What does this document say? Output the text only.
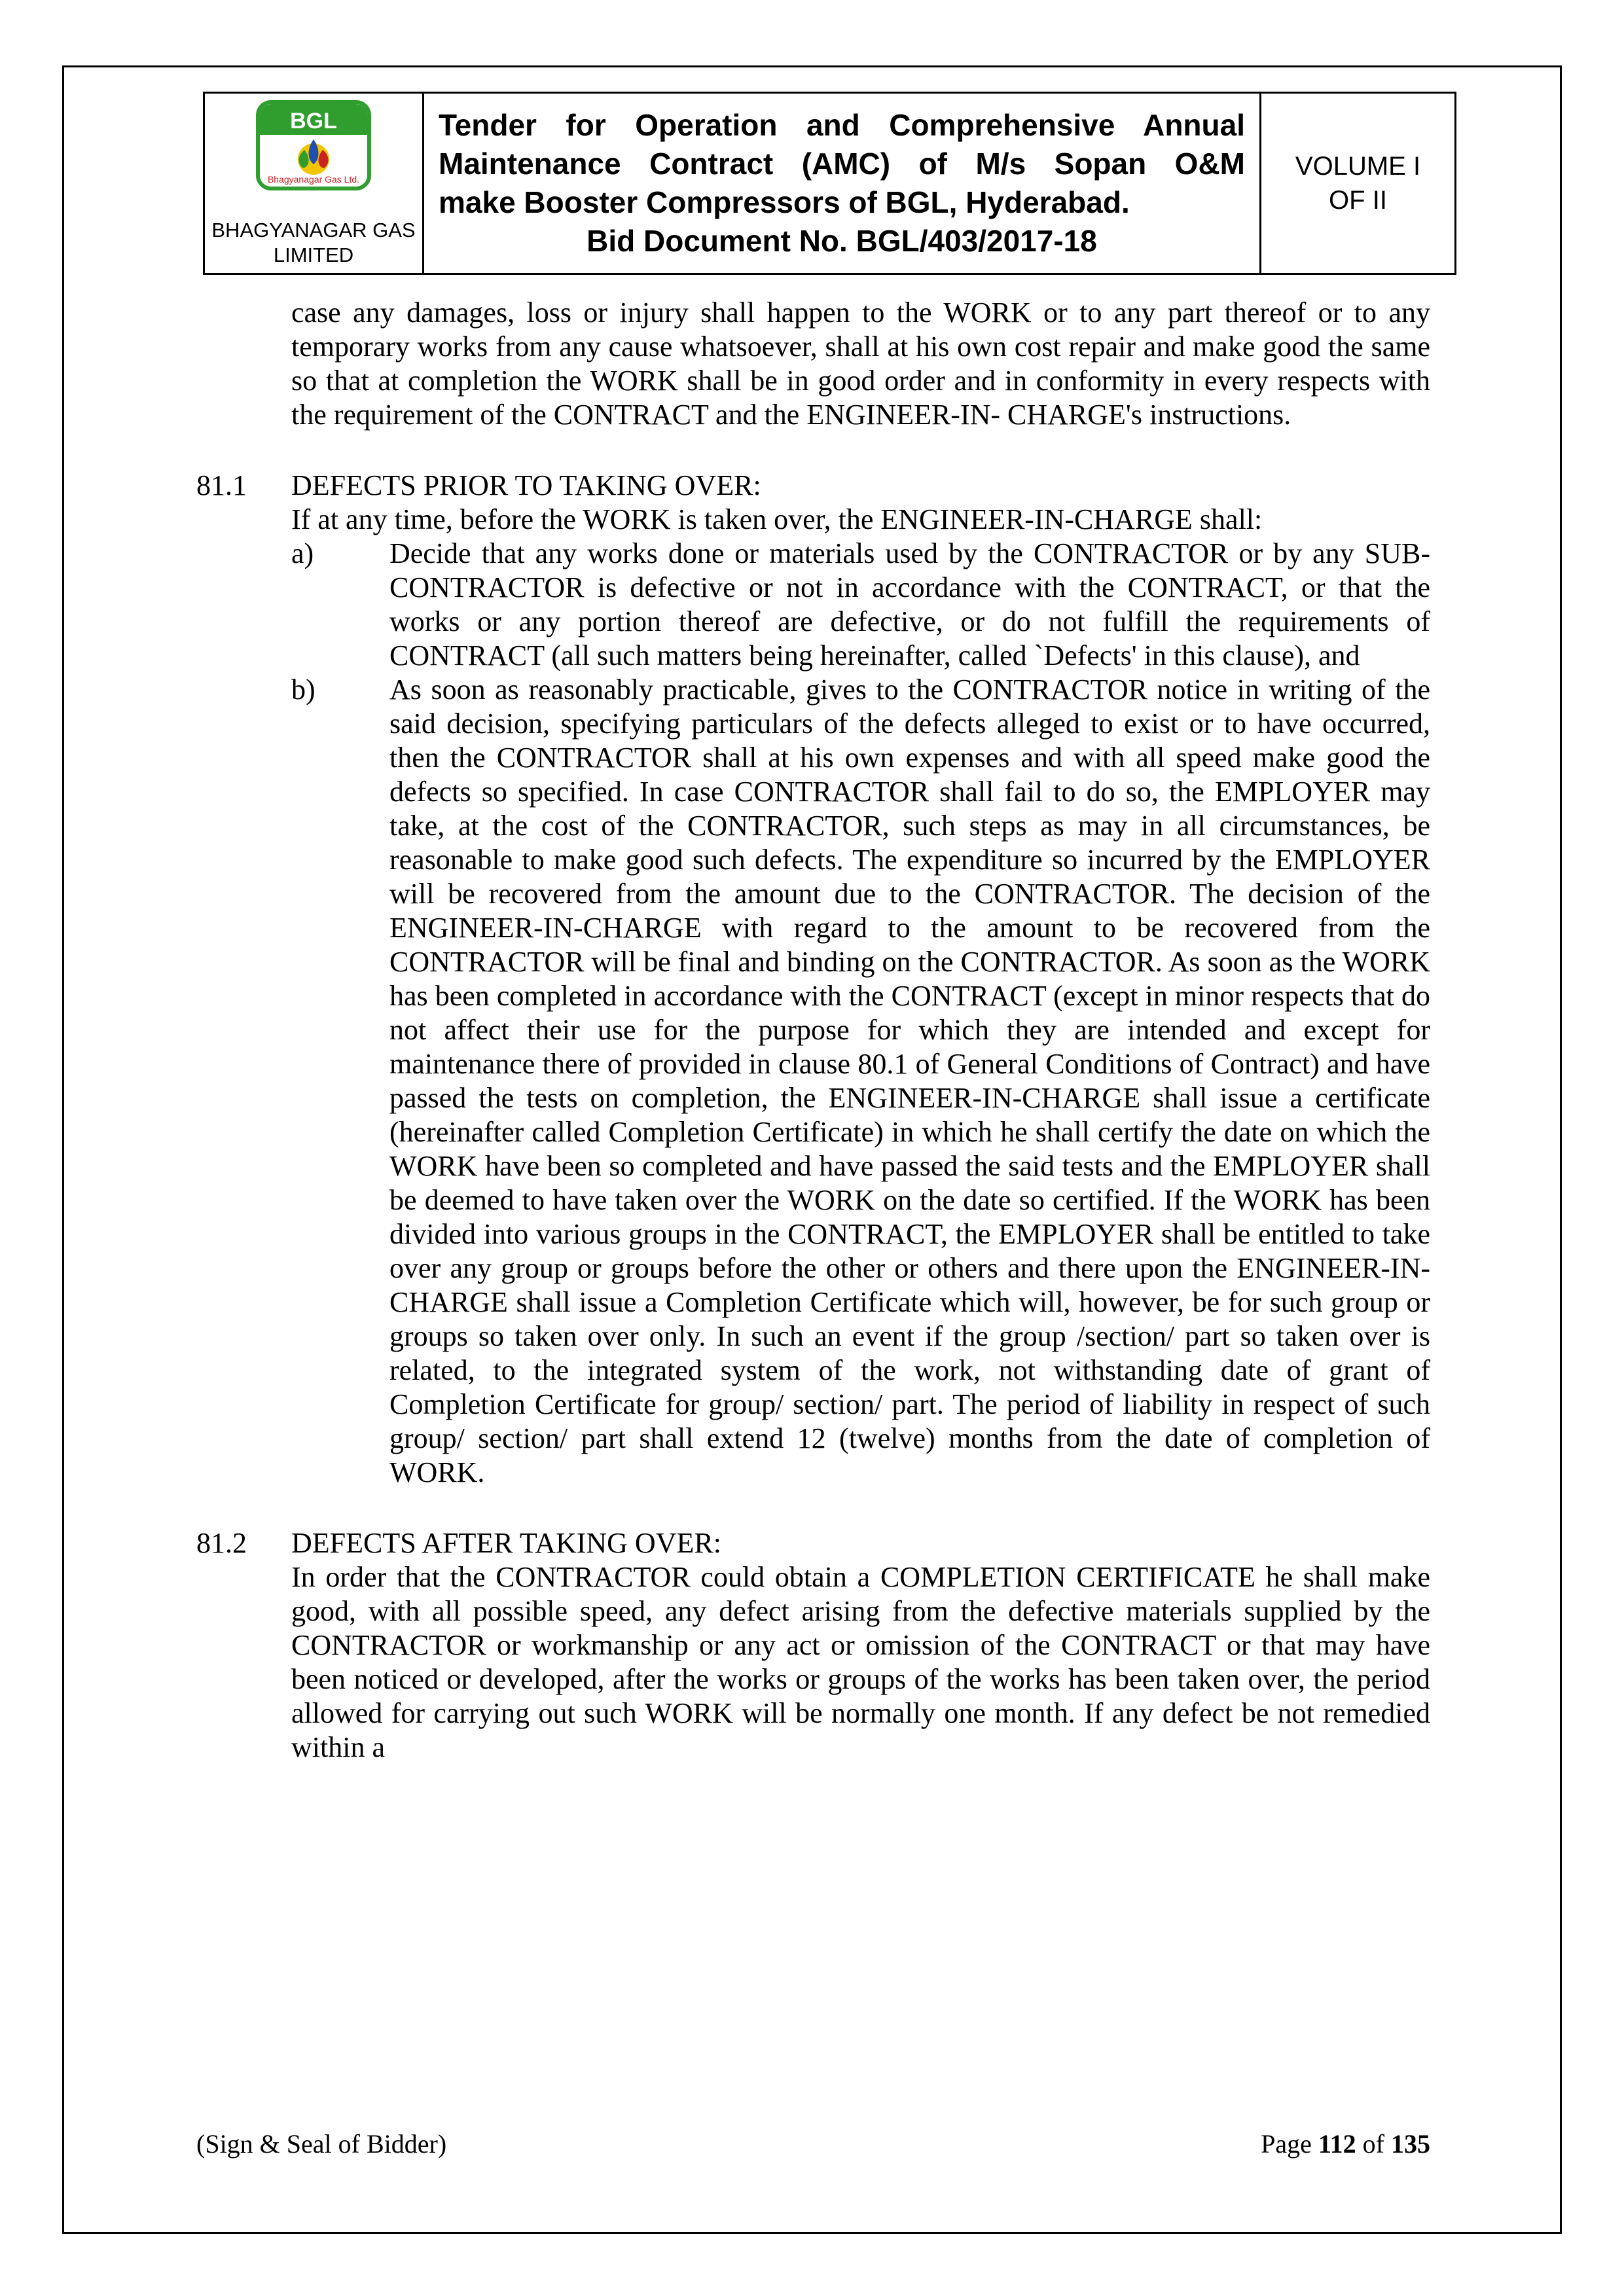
BGL
Bhagyanagar Gas Ltd.
BHAGYANAGAR GAS
LIMITED
Tender for Operation and Comprehensive Annual
Maintenance Contract (AMC) of M/s Sopan O&M
make Booster Compressors of BGL, Hyderabad.
Bid Document No. BGL/403/2017-18
VOLUME I
OF II

case any damages, loss or injury shall happen to the WORK or to any part thereof or to any temporary works from any cause whatsoever, shall at his own cost repair and make good the same so that at completion the WORK shall be in good order and in conformity in every respects with the requirement of the CONTRACT and the ENGINEER-IN- CHARGE's instructions.

81.1	DEFECTS PRIOR TO TAKING OVER:

If at any time, before the WORK is taken over, the ENGINEER-IN-CHARGE shall:

a)	Decide that any works done or materials used by the CONTRACTOR or by any SUB-CONTRACTOR is defective or not in accordance with the CONTRACT, or that the works or any portion thereof are defective, or do not fulfill the requirements of CONTRACT (all such matters being hereinafter, called `Defects' in this clause), and

b)	As soon as reasonably practicable, gives to the CONTRACTOR notice in writing of the said decision, specifying particulars of the defects alleged to exist or to have occurred, then the CONTRACTOR shall at his own expenses and with all speed make good the defects so specified. In case CONTRACTOR shall fail to do so, the EMPLOYER may take, at the cost of the CONTRACTOR, such steps as may in all circumstances, be reasonable to make good such defects. The expenditure so incurred by the EMPLOYER will be recovered from the amount due to the CONTRACTOR. The decision of the ENGINEER-IN-CHARGE with regard to the amount to be recovered from the CONTRACTOR will be final and binding on the CONTRACTOR. As soon as the WORK has been completed in accordance with the CONTRACT (except in minor respects that do not affect their use for the purpose for which they are intended and except for maintenance there of provided in clause 80.1 of General Conditions of Contract) and have passed the tests on completion, the ENGINEER-IN-CHARGE shall issue a certificate (hereinafter called Completion Certificate) in which he shall certify the date on which the WORK have been so completed and have passed the said tests and the EMPLOYER shall be deemed to have taken over the WORK on the date so certified. If the WORK has been divided into various groups in the CONTRACT, the EMPLOYER shall be entitled to take over any group or groups before the other or others and there upon the ENGINEER-IN-CHARGE shall issue a Completion Certificate which will, however, be for such group or groups so taken over only. In such an event if the group /section/ part so taken over is related, to the integrated system of the work, not withstanding date of grant of Completion Certificate for group/ section/ part. The period of liability in respect of such group/ section/ part shall extend 12 (twelve) months from the date of completion of WORK.

81.2	DEFECTS AFTER TAKING OVER:

In order that the CONTRACTOR could obtain a COMPLETION CERTIFICATE he shall make good, with all possible speed, any defect arising from the defective materials supplied by the CONTRACTOR or workmanship or any act or omission of the CONTRACT or that may have been noticed or developed, after the works or groups of the works has been taken over, the period allowed for carrying out such WORK will be normally one month. If any defect be not remedied within a

(Sign & Seal of Bidder)	Page 112 of 135
